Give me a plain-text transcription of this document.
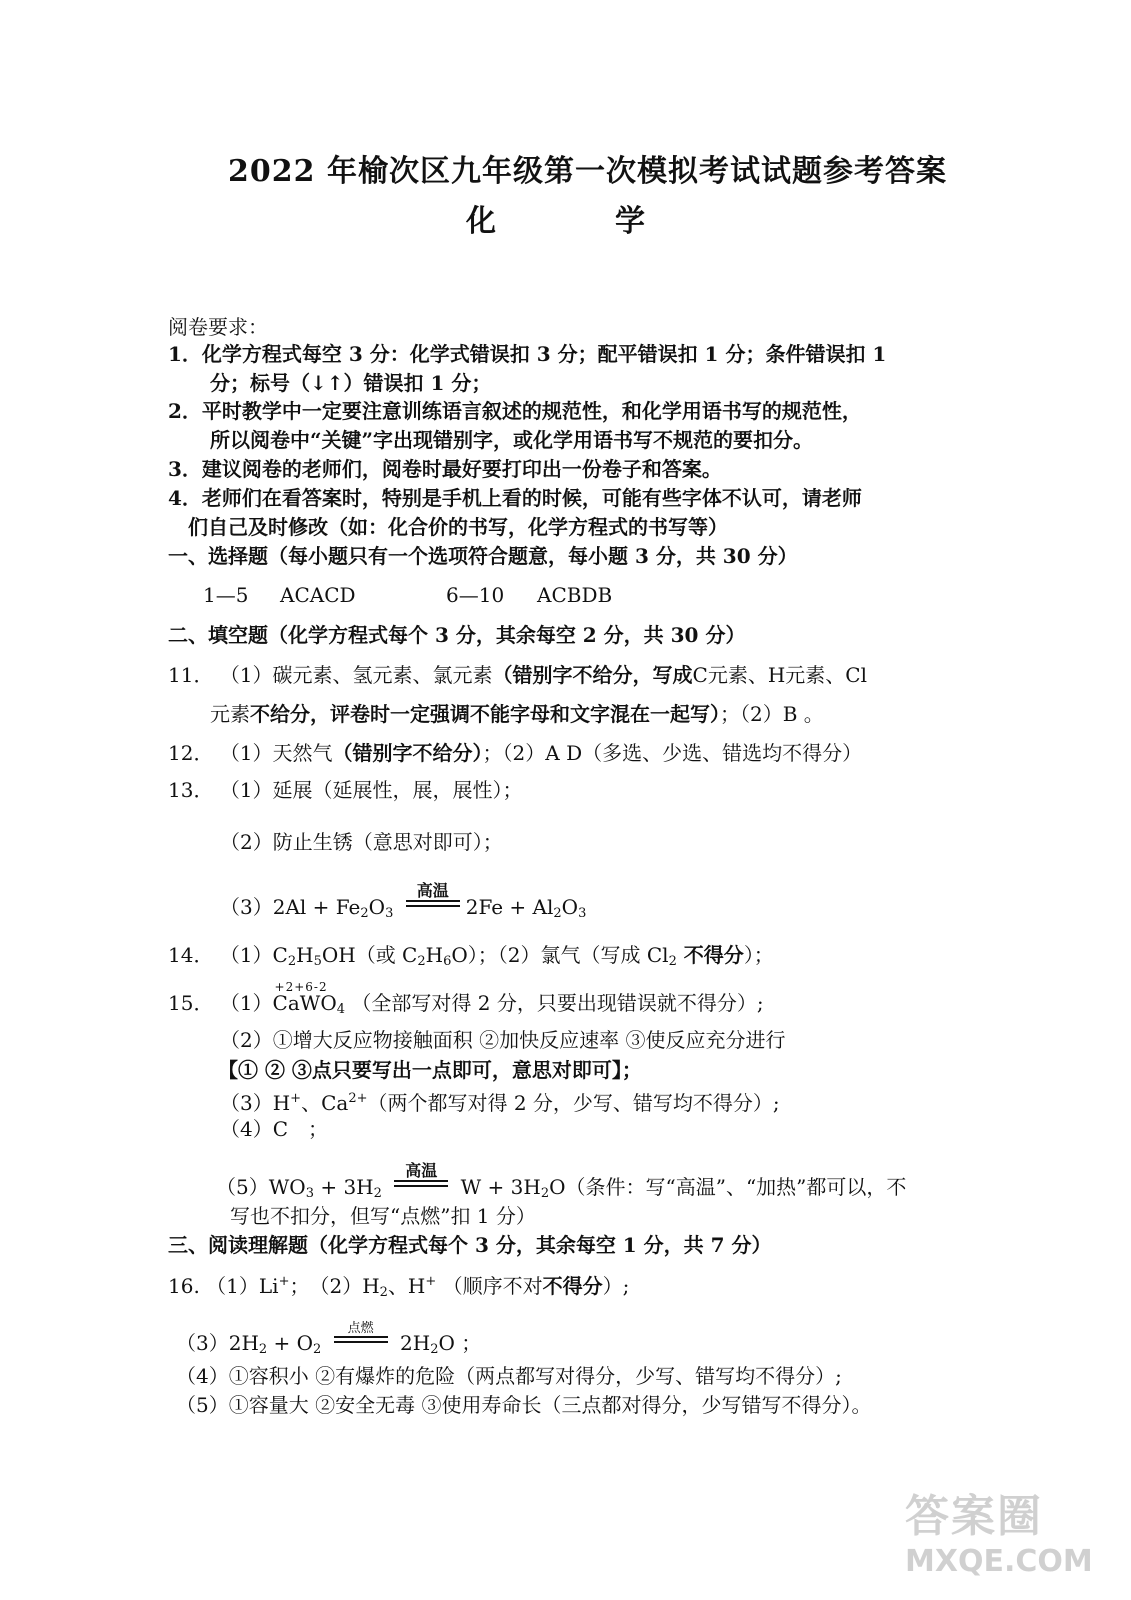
2022 年榆次区九年级第一次模拟考试试题参考答案
化	学
阅卷要求：
1．化学方程式每空 3 分：化学式错误扣 3 分；配平错误扣 1 分；条件错误扣 1
分；标号（↓↑）错误扣 1 分；
2．平时教学中一定要注意训练语言叙述的规范性，和化学用语书写的规范性，
所以阅卷中“关键”字出现错别字，或化学用语书写不规范的要扣分。
3．建议阅卷的老师们，阅卷时最好要打印出一份卷子和答案。
4．老师们在看答案时，特别是手机上看的时候，可能有些字体不认可，请老师
们自己及时修改（如：化合价的书写，化学方程式的书写等）
一、选择题（每小题只有一个选项符合题意，每小题 3 分，共 30 分）
1—5 ACACD	6—10 ACBDB
二、填空题（化学方程式每个 3 分，其余每空 2 分，共 30 分）
11． （1）碳元素、氢元素、氯元素（错别字不给分，写成C元素、H元素、Cl
元素不给分，评卷时一定强调不能字母和文字混在一起写）；（2）B 。
12． （1）天然气（错别字不给分）；（2）A D（多选、少选、错选均不得分）
13． （1）延展（延展性，展，展性）；
（2）防止生锈（意思对即可）；
$(3)2Al + Fe_2O_3$
高温
$2Fe + Al_2O_3$
14． $(1)C_2H_5OH$（或 $C_2H_6O$）；（2）氯气（写成 $Cl_2$ 不得分）；
15． （1）
+2+6-2
CaWO$_4$ （全部写对得 2 分，只要出现错误就不得分）;
（2）①增大反应物接触面积 ②加快反应速率 ③使反应充分进行
【① ② ③点只要写出一点即可，意思对即可】；
（3）H+、$Ca^{2+}$（两个都写对得 2 分，少写、错写均不得分）;
（4）C　；
$(5)WO_3 + 3H_2$
高温
$W + 3H_2O$（条件：写“高温”、“加热”都可以，不
写也不扣分，但写“点燃”扣 1 分）
三、阅读理解题（化学方程式每个 3 分，其余每空 1 分，共 7 分）
16. （1）Li+；　$(2)H_2$、H+ （顺序不对不得分）;
$(3)2H_2 + O_2$
点燃
$2H_2O$ ；
（4）①容积小 ②有爆炸的危险（两点都写对得分，少写、错写均不得分）;
（5）①容量大 ②安全无毒 ③使用寿命长（三点都对得分，少写错写不得分）。
答案圈
MXQE.COM
